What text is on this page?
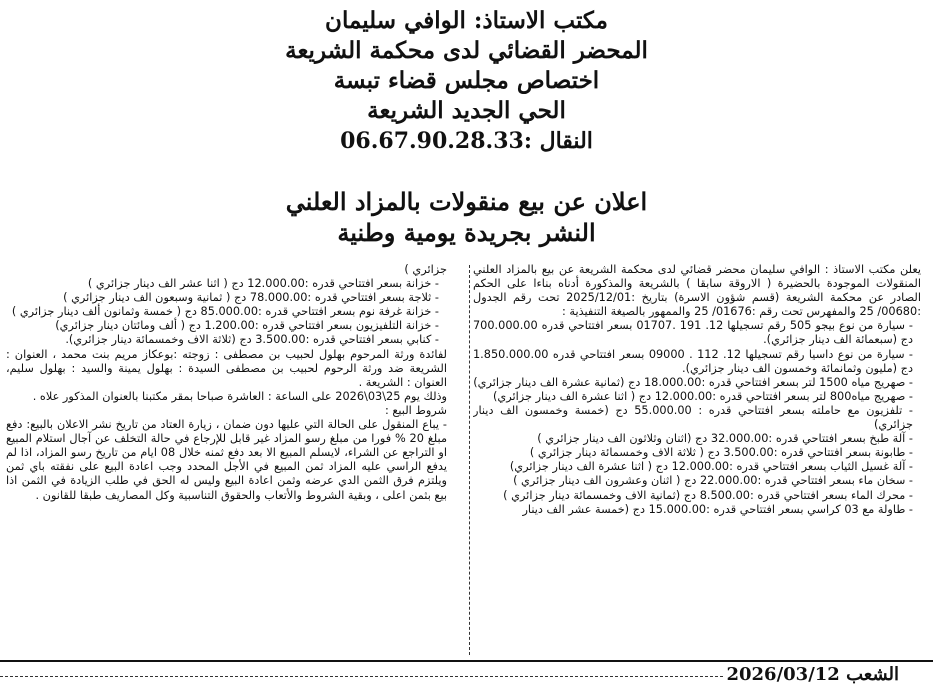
مكتب الاستاذ: الوافي سليمان
المحضر القضائي لدى محكمة الشريعة
اختصاص مجلس قضاء تبسة
الحي الجديد الشريعة
النقال :06.67.90.28.33
اعلان عن بيع منقولات بالمزاد العلني
النشر بجريدة يومية وطنية

يعلن مكتب الاستاذ : الوافي سليمان محضر قضائي لدى محكمة الشريعة عن بيع بالمزاد العلني المنقولات الموجودة بالحضيرة ( الاروقة سابقا ) بالشريعة والمذكورة أدناه بناءا على الحكم الصادر عن محكمة الشريعة (قسم شؤون الاسرة) بتاريخ :2025/12/01 تحت رقم الجدول :00680/ 25 والمفهرس تحت رقم :01676/ 25 والممهور بالصيغة التنفيذية :

- سيارة من نوع بيجو 505 رقم تسجيلها 12. 191 .01707 بسعر افتتاحي قدره 700.000.00 دج (سبعمائة الف دينار جزائري).

- سيارة من نوع داسيا رقم تسجيلها 12. 112 . 09000 بسعر افتتاحي قدره 1.850.000.00 دج (مليون وثمانمائة وخمسون الف دينار جزائري).

- صهريج مياه 1500 لتر بسعر افتتاحي قدره :18.000.00 دج (ثمانية عشرة الف دينار جزائري)

- صهريج مياه800 لتر بسعر افتتاحي قدره :12.000.00 دج ( اثنا عشرة الف دينار جزائري)

- تلفزيون مع حاملته بسعر افتتاحي قدره : 55.000.00 دج (خمسة وخمسون الف دينار جزائري)

- آلة طبخ بسعر افتتاحي قدره :32.000.00 دج (اثنان وثلاثون الف دينار جزائري )

- طابونة بسعر افتتاحي قدره :3.500.00 دج ( ثلاثة الاف وخمسمائة دينار جزائري )

- آلة غسيل الثياب بسعر افتتاحي قدره :12.000.00 دج ( اثنا عشرة الف دينار جزائري)

- سخان ماء بسعر افتتاحي قدره :22.000.00 دج ( اثنان وعشرون الف دينار جزائري )

- محرك الماء بسعر افتتاحي قدره :8.500.00 دج (ثمانية الاف وخمسمائة دينار جزائري )

- طاولة مع 03 كراسي بسعر افتتاحي قدره :15.000.00 دج (خمسة عشر الف دينار

جزائري )

- خزانة بسعر افتتاحي قدره :12.000.00 دج ( اثنا عشر الف دينار جزائري )

- ثلاجة بسعر افتتاحي قدره :78.000.00 دج ( ثمانية وسبعون الف دينار جزائري )

- خزانة غرفة نوم بسعر افتتاحي قدره :85.000.00 دج ( خمسة وثمانون ألف دينار جزائري )

- خزانة التلفيزيون بسعر افتتاحي قدره :1.200.00 دج ( ألف ومائتان دينار جزائري)

- كنابي بسعر افتتاحي قدره :3.500.00 دج (ثلاثة الاف وخمسمائة دينار جزائري).

لفائدة ورثة المرحوم بهلول لحبيب بن مصطفى : زوجته :بوعكاز مريم بنت محمد ، العنوان : الشريعة ضد ورثة الرحوم لحبيب بن مصطفى السيدة : بهلول يمينة والسيد : بهلول سليم، العنوان : الشريعة .

وذلك يوم 25\03\2026 على الساعة : العاشرة صباحا بمقر مكتبنا بالعنوان المذكور علاه .

شروط البيع :

- يباع المنقول على الحالة التي عليها دون ضمان ، زيارة العتاد من تاريخ نشر الاعلان بالبيع: دفع مبلغ 20 % فورا من مبلغ رسو المزاد غير قابل للإرجاع في حالة التخلف عن آجال استلام المبيع او التراجع عن الشراء، لايسلم المبيع الا بعد دفع ثمنه خلال 08 ايام من تاريخ رسو المزاد، اذا لم يدفع الراسي عليه المزاد ثمن المبيع في الأجل المحدد وجب اعادة البيع على نفقته باي ثمن ويلتزم فرق الثمن الدي عرضه وثمن اعادة البيع وليس له الحق في طلب الزيادة في الثمن اذا بيع بثمن اعلى ، وبقية الشروط والأتعاب والحقوق التناسبية وكل المصاريف طبقا للقانون .

الشعب 2026/03/12
